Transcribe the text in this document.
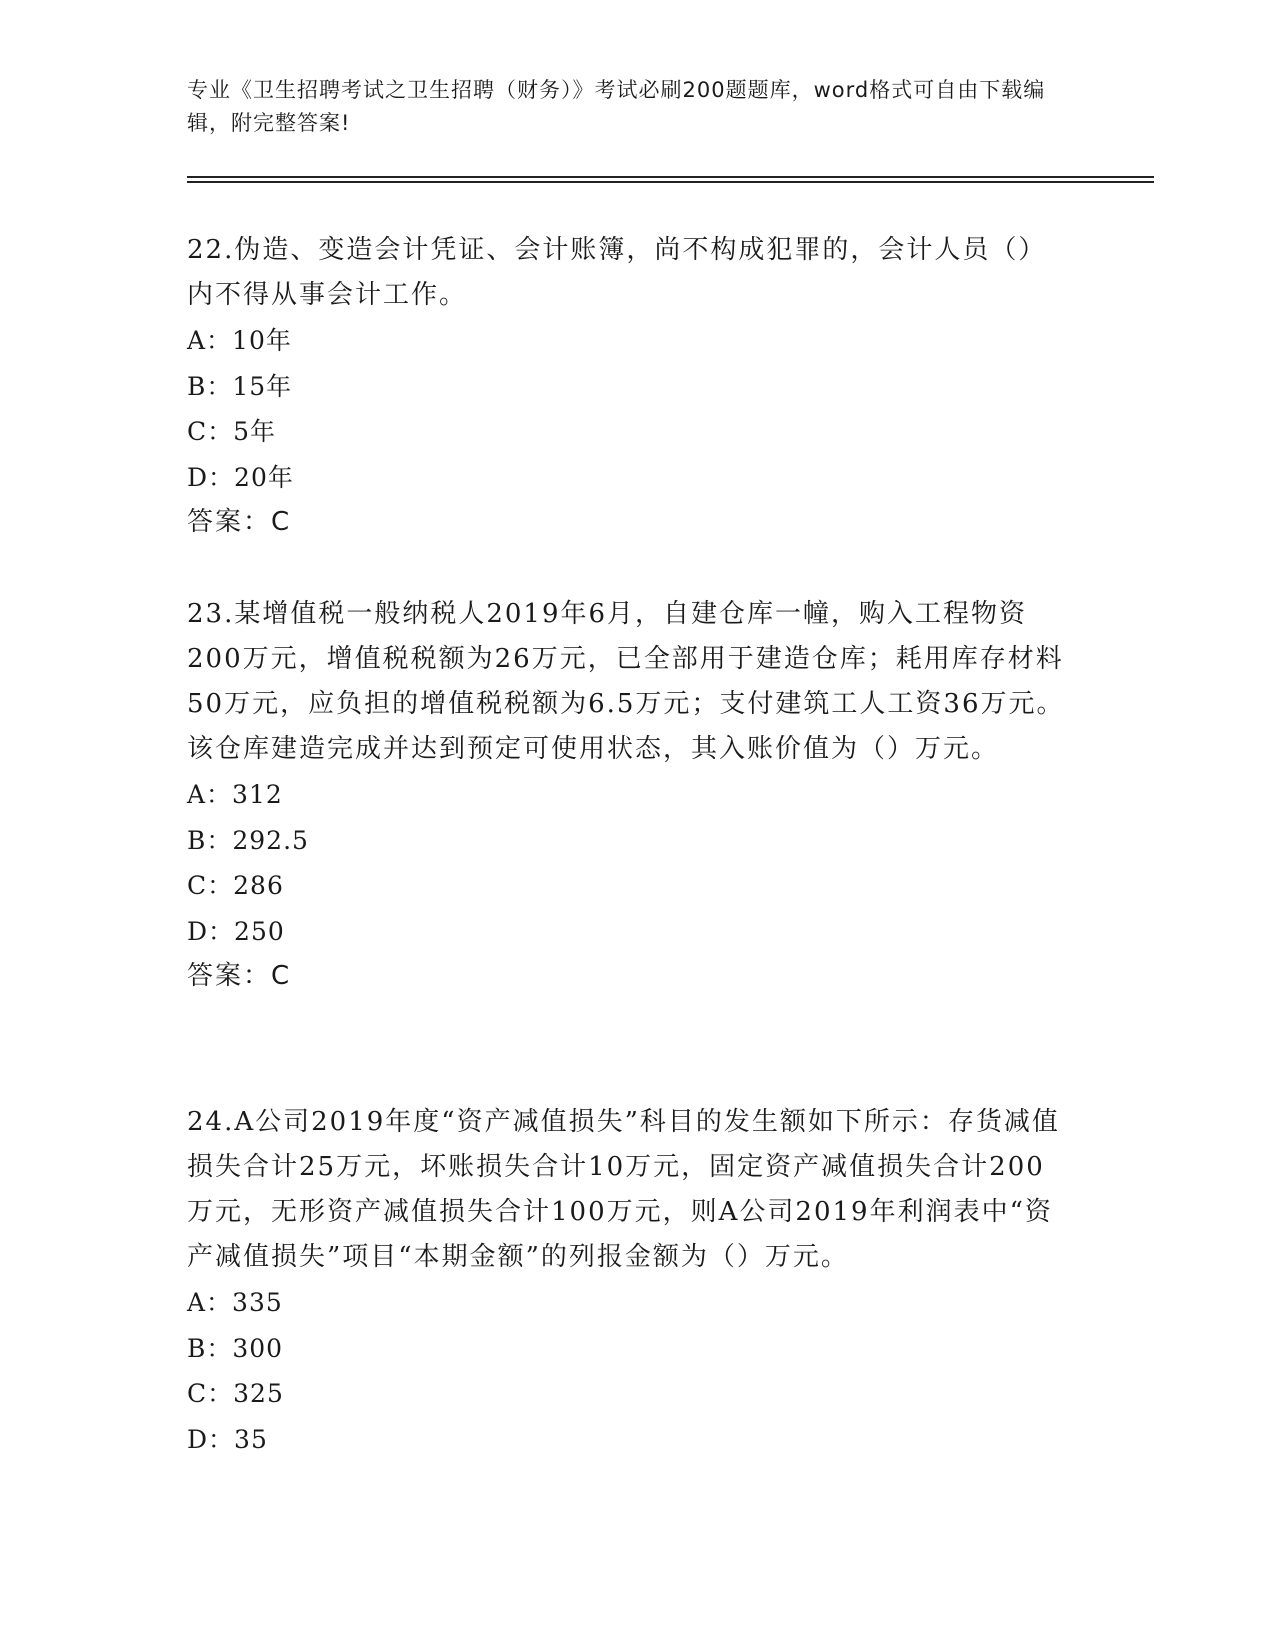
专业《卫生招聘考试之卫生招聘（财务）》考试必刷200题题库，word格式可自由下载编辑，附完整答案!

22.伪造、变造会计凭证、会计账簿，尚不构成犯罪的，会计人员（）内不得从事会计工作。

A：10年
B：15年
C：5年
D：20年

答案：C

23.某增值税一般纳税人2019年6月，自建仓库一幢，购入工程物资200万元，增值税税额为26万元，已全部用于建造仓库；耗用库存材料50万元，应负担的增值税税额为6.5万元；支付建筑工人工资36万元。该仓库建造完成并达到预定可使用状态，其入账价值为（）万元。

A：312
B：292.5
C：286
D：250

答案：C

24.A公司2019年度“资产减值损失”科目的发生额如下所示：存货减值损失合计25万元，坏账损失合计10万元，固定资产减值损失合计200万元，无形资产减值损失合计100万元，则A公司2019年利润表中“资产减值损失”项目“本期金额”的列报金额为（）万元。

A：335
B：300
C：325
D：35
